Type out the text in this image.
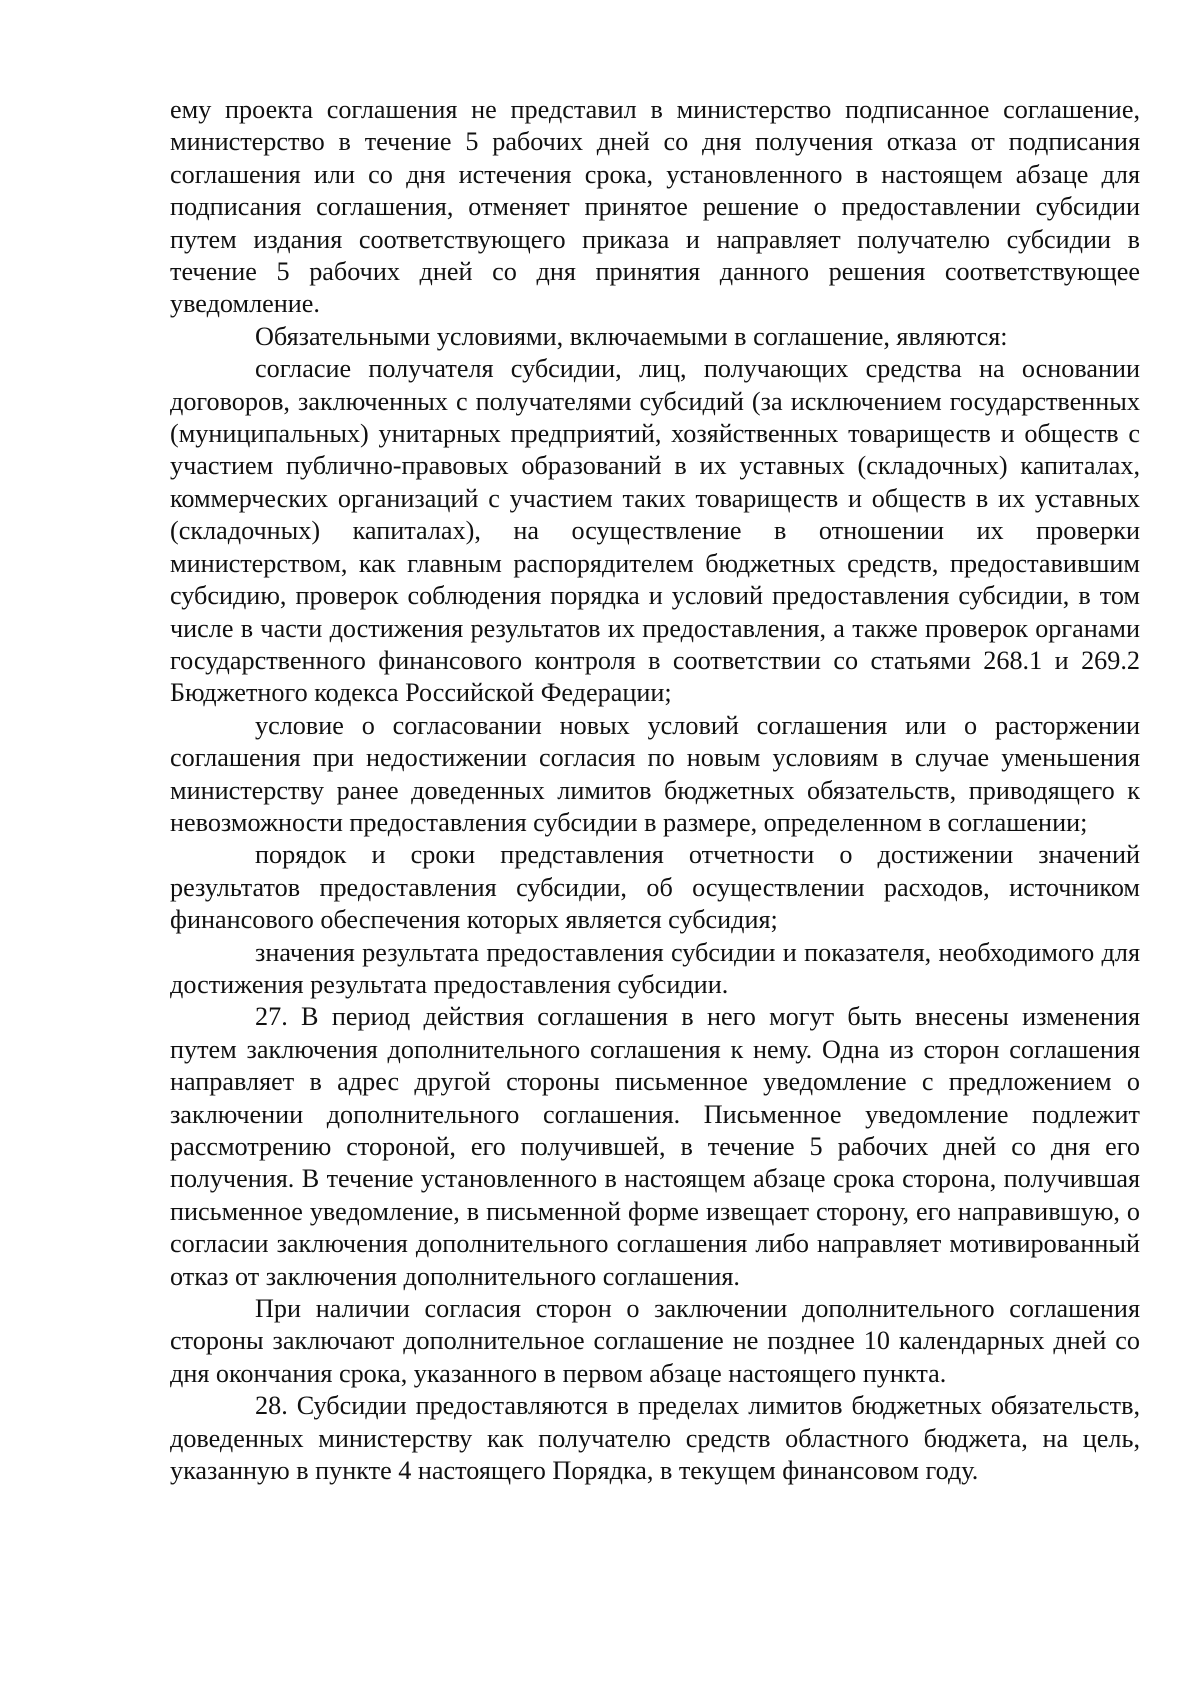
ему проекта соглашения не представил в министерство подписанное соглашение, министерство в течение 5 рабочих дней со дня получения отказа от подписания соглашения или со дня истечения срока, установленного в настоящем абзаце для подписания соглашения, отменяет принятое решение о предоставлении субсидии путем издания соответствующего приказа и направляет получателю субсидии в течение 5 рабочих дней со дня принятия данного решения соответствующее уведомление.

Обязательными условиями, включаемыми в соглашение, являются:

согласие получателя субсидии, лиц, получающих средства на основании договоров, заключенных с получателями субсидий (за исключением государственных (муниципальных) унитарных предприятий, хозяйственных товариществ и обществ с участием публично-правовых образований в их уставных (складочных) капиталах, коммерческих организаций с участием таких товариществ и обществ в их уставных (складочных) капиталах), на осуществление в отношении их проверки министерством, как главным распорядителем бюджетных средств, предоставившим субсидию, проверок соблюдения порядка и условий предоставления субсидии, в том числе в части достижения результатов их предоставления, а также проверок органами государственного финансового контроля в соответствии со статьями 268.1 и 269.2 Бюджетного кодекса Российской Федерации;

условие о согласовании новых условий соглашения или о расторжении соглашения при недостижении согласия по новым условиям в случае уменьшения министерству ранее доведенных лимитов бюджетных обязательств, приводящего к невозможности предоставления субсидии в размере, определенном в соглашении;

порядок и сроки представления отчетности о достижении значений результатов предоставления субсидии, об осуществлении расходов, источником финансового обеспечения которых является субсидия;

значения результата предоставления субсидии и показателя, необходимого для достижения результата предоставления субсидии.

27. В период действия соглашения в него могут быть внесены изменения путем заключения дополнительного соглашения к нему. Одна из сторон соглашения направляет в адрес другой стороны письменное уведомление с предложением о заключении дополнительного соглашения. Письменное уведомление подлежит рассмотрению стороной, его получившей, в течение 5 рабочих дней со дня его получения. В течение установленного в настоящем абзаце срока сторона, получившая письменное уведомление, в письменной форме извещает сторону, его направившую, о согласии заключения дополнительного соглашения либо направляет мотивированный отказ от заключения дополнительного соглашения.

При наличии согласия сторон о заключении дополнительного соглашения стороны заключают дополнительное соглашение не позднее 10 календарных дней со дня окончания срока, указанного в первом абзаце настоящего пункта.

28. Субсидии предоставляются в пределах лимитов бюджетных обязательств, доведенных министерству как получателю средств областного бюджета, на цель, указанную в пункте 4 настоящего Порядка, в текущем финансовом году.
